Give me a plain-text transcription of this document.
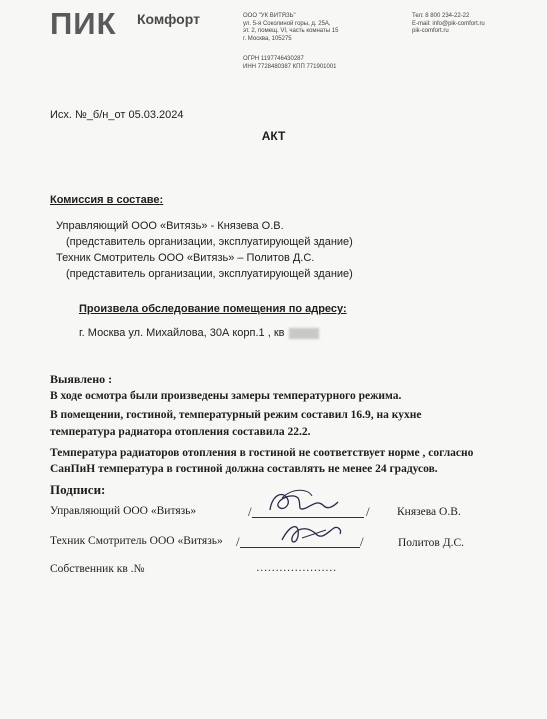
ПИК Комфорт	ООО "УК ВИТЯЗЬ"
ул. 5-я Соколиной горы, д. 25А,
эт. 2, помещ. VI, часть комнаты 15
г. Москва, 105275
ОГРН 1197746430287
ИНН 7728480387 КПП 771901001
Тел: 8 800 234-22-22
E-mail: info@pik-comfort.ru
pik-comfort.ru
Исх. №_б/н_от 05.03.2024
АКТ
Комиссия в составе:
Управляющий ООО «Витязь» - Князева О.В.
(представитель организации, эксплуатирующей здание)
Техник Смотритель ООО «Витязь» – Политов Д.С.
(представитель организации, эксплуатирующей здание)
Произвела обследование помещения по адресу:
г. Москва ул. Михайлова, 30А корп.1 , кв
Выявлено :
В ходе осмотра были произведены замеры температурного режима.
В помещении, гостиной, температурный режим составил 16.9, на кухне
температура радиатора отопления составила 22.2.
Температура радиаторов отопления в гостиной не соответствует норме , согласно
СанПиН температура в гостиной должна составлять не менее 24 градусов.
Подписи:
Управляющий ООО «Витязь»	/	/ Князева О.В.
Техник Смотритель ООО «Витязь» /	/	Политов Д.С.
Собственник кв .№	…………………
